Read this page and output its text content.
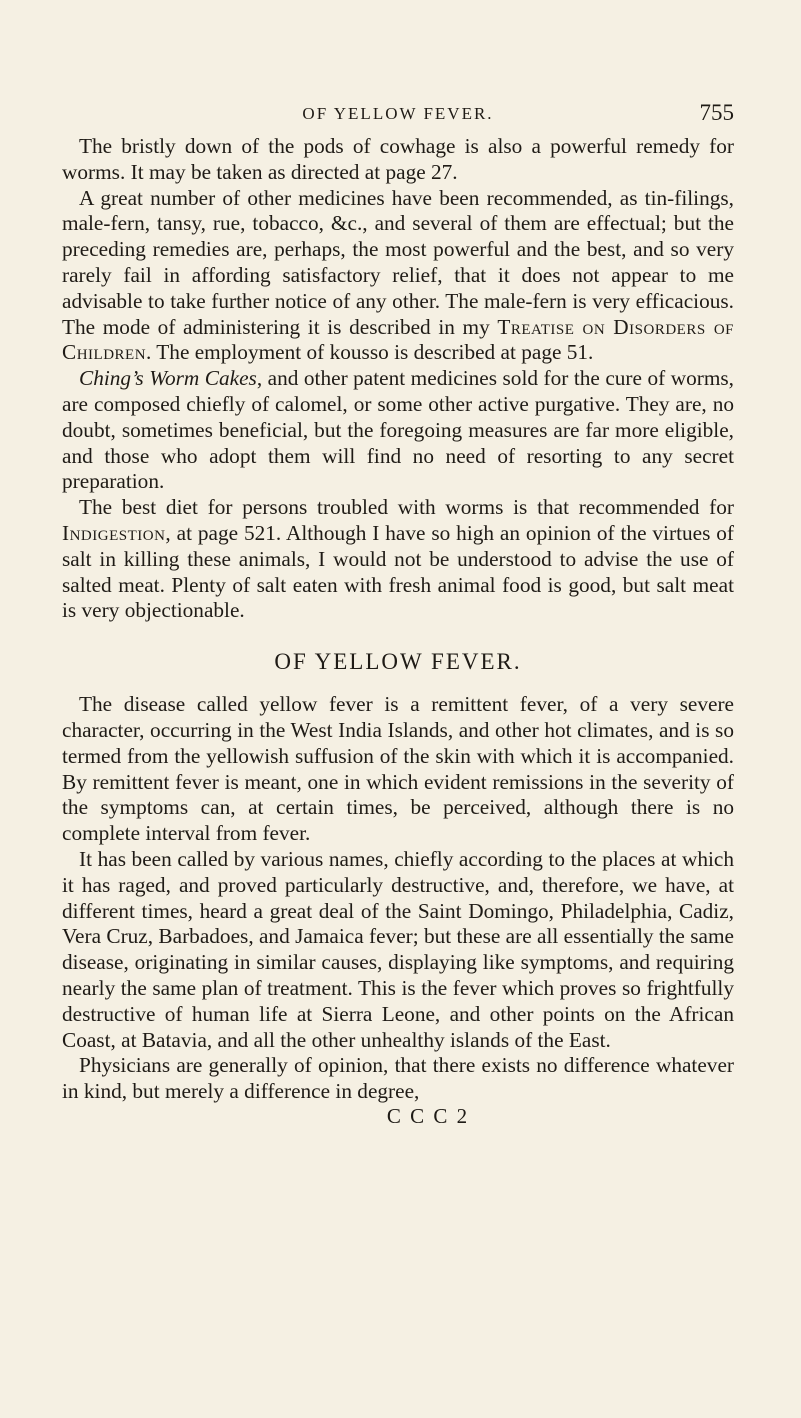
OF YELLOW FEVER.	755

The bristly down of the pods of cowhage is also a powerful remedy for worms. It may be taken as directed at page 27.

A great number of other medicines have been recommended, as tin-filings, male-fern, tansy, rue, tobacco, &c., and several of them are effectual; but the preceding remedies are, perhaps, the most powerful and the best, and so very rarely fail in affording satisfactory relief, that it does not appear to me advisable to take further notice of any other. The male-fern is very efficacious. The mode of administering it is described in my Treatise on Disorders of Children. The employment of kousso is described at page 51.

Ching’s Worm Cakes, and other patent medicines sold for the cure of worms, are composed chiefly of calomel, or some other active purgative. They are, no doubt, sometimes beneficial, but the foregoing measures are far more eligible, and those who adopt them will find no need of resorting to any secret preparation.

The best diet for persons troubled with worms is that recommended for Indigestion, at page 521. Although I have so high an opinion of the virtues of salt in killing these animals, I would not be understood to advise the use of salted meat. Plenty of salt eaten with fresh animal food is good, but salt meat is very objectionable.

OF YELLOW FEVER.

The disease called yellow fever is a remittent fever, of a very severe character, occurring in the West India Islands, and other hot climates, and is so termed from the yellowish suffusion of the skin with which it is accompanied. By remittent fever is meant, one in which evident remissions in the severity of the symptoms can, at certain times, be perceived, although there is no complete interval from fever.

It has been called by various names, chiefly according to the places at which it has raged, and proved particularly destructive, and, therefore, we have, at different times, heard a great deal of the Saint Domingo, Philadelphia, Cadiz, Vera Cruz, Barbadoes, and Jamaica fever; but these are all essentially the same disease, originating in similar causes, displaying like symptoms, and requiring nearly the same plan of treatment. This is the fever which proves so frightfully destructive of human life at Sierra Leone, and other points on the African Coast, at Batavia, and all the other unhealthy islands of the East.

Physicians are generally of opinion, that there exists no difference whatever in kind, but merely a difference in degree,

C C C 2
